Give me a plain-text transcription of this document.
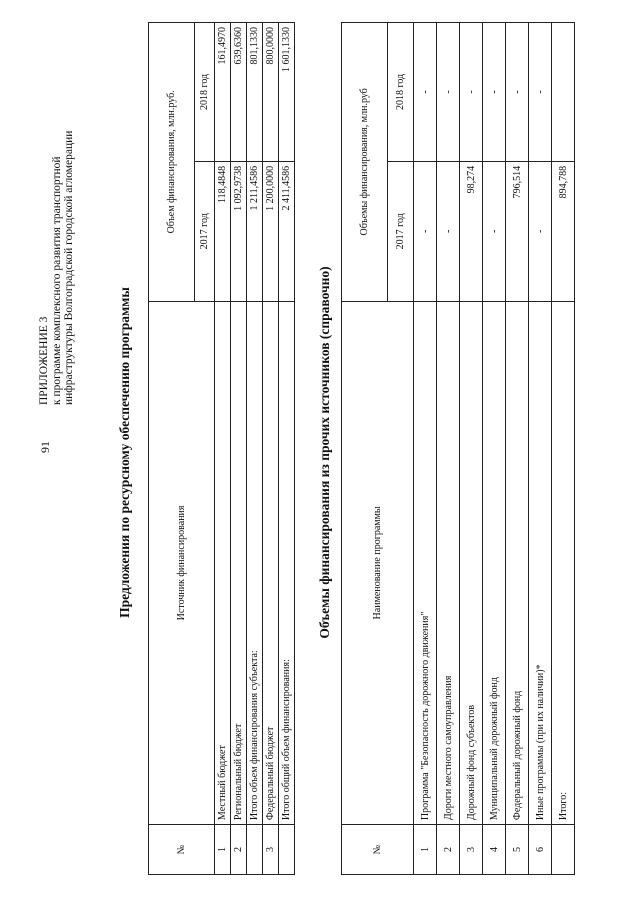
91
ПРИЛОЖЕНИЕ 3 к программе комплексного развития транспортной инфраструктуры Волгоградской городской агломерации
Предложения по ресурсному обеспечению программы
№	Источник финансирования	Объем финансирования, млн.руб.	
		2017 год	2018 год
1	Местный бюджет	118,4848	161,4970
2	Региональный бюджет	1 092,9738	639,6360
	Итого объем финансирования субъекта:	1 211,4586	801,1330
3	Федеральный бюджет	1 200,0000	800,0000
	Итого общий объем финансирования:	2 411,4586	1 601,1330
Объемы финансирования из прочих источников (справочно)
№	Наименование программы	Объемы финансирования, млн.руб	
		2017 год	2018 год
1	Программа "Безопасность дорожного движения"	-	-
2	Дороги местного самоуправления	-	-
3	Дорожный фонд субъектов	98,274	-
4	Муниципальный дорожный фонд	-	-
5	Федеральный дорожный фонд	796,514	-
6	Иные программы (при их наличии)*	-	-
	Итого:	894,788	
